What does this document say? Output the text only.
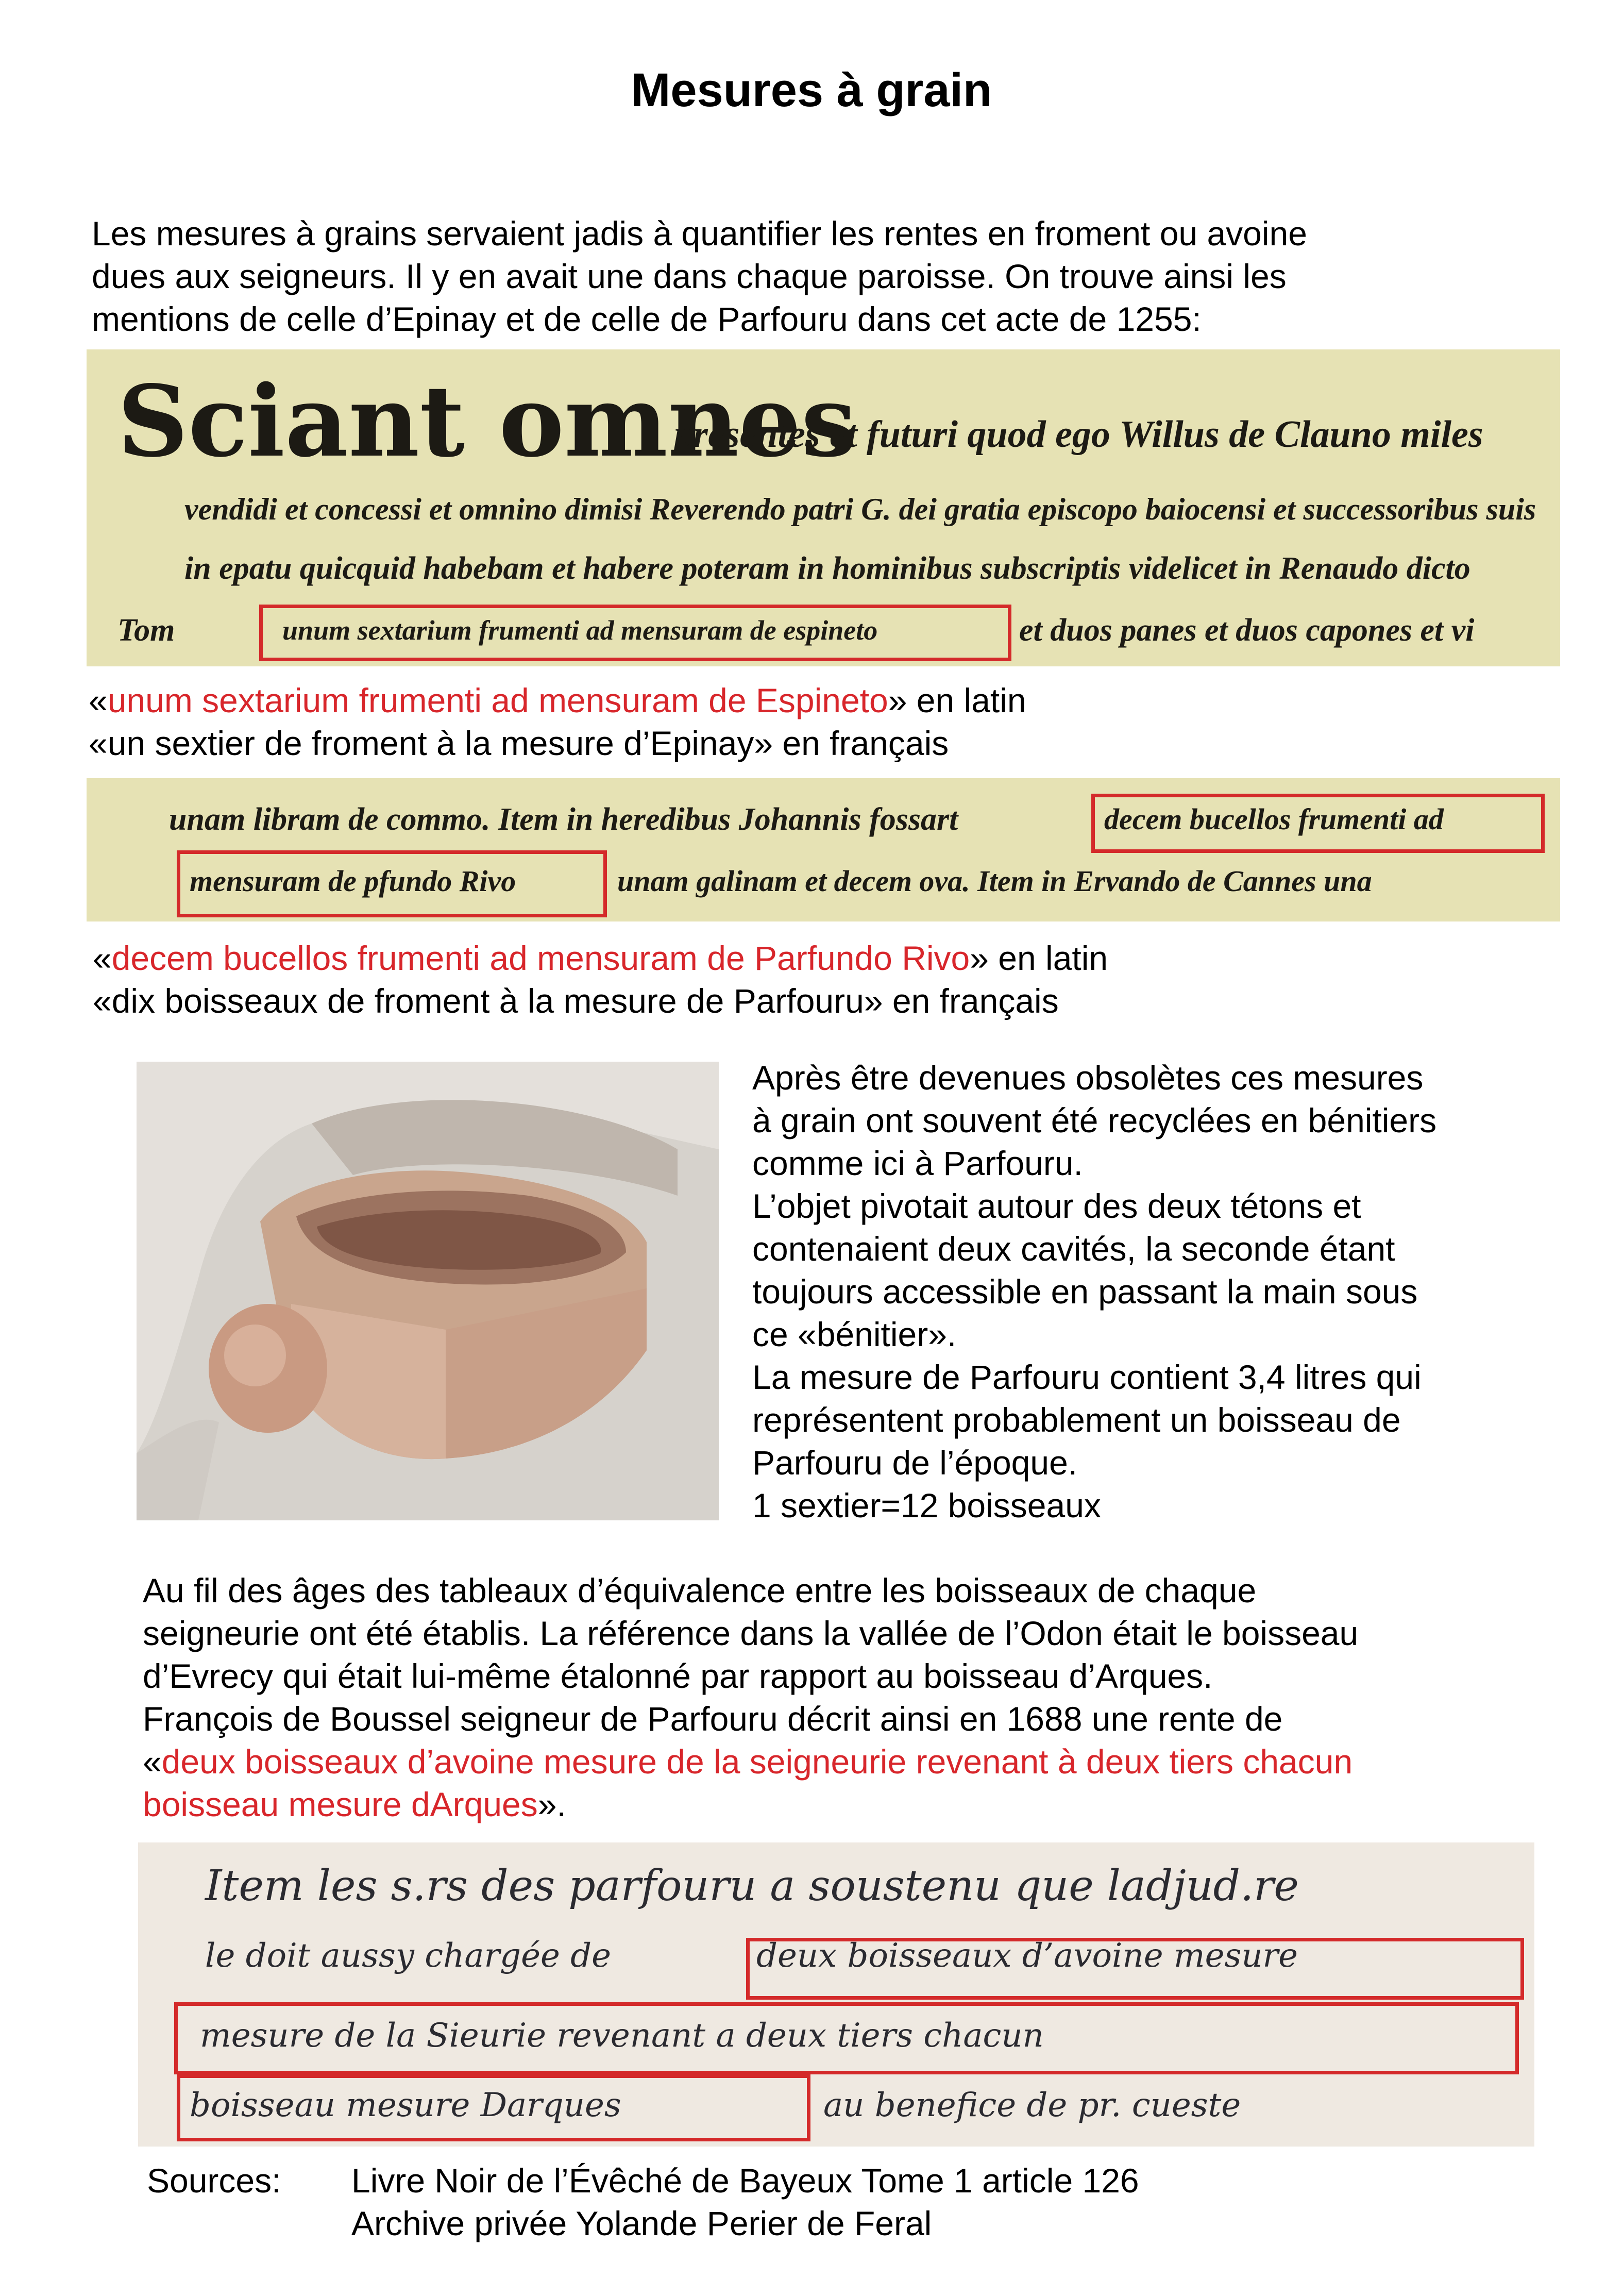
Mesures à grain
Les mesures à grains servaient jadis à quantifier les rentes en froment ou avoine
dues aux seigneurs. Il y en avait une dans chaque paroisse. On trouve ainsi les
mentions de celle d’Epinay et de celle de Parfouru dans cet acte de 1255:
Sciant omnes
presentes et futuri quod ego Willus de Clauno miles
vendidi et concessi et omnino dimisi Reverendo patri G. dei gratia episcopo baiocensi et successoribus suis
in epatu quicquid habebam et habere poteram in hominibus subscriptis videlicet in Renaudo dicto
Tom	unum sextarium frumenti ad mensuram de espineto	et duos panes et duos capones et vi
«unum sextarium frumenti ad mensuram de Espineto» en latin
«un sextier de froment à la mesure d’Epinay» en français
unam libram de commo. Item in heredibus Johannis fossart	decem bucellos frumenti ad
mensuram de pfundo Rivo	unam galinam et decem ova. Item in Ervando de Cannes una
«decem bucellos frumenti ad mensuram de Parfundo Rivo» en latin
«dix boisseaux de froment à la mesure de Parfouru» en français
Après être devenues obsolètes ces mesures
à grain ont souvent été recyclées en bénitiers
comme ici à Parfouru.
L’objet pivotait autour des deux tétons et
contenaient deux cavités, la seconde étant
toujours accessible en passant la main sous
ce «bénitier».
La mesure de Parfouru contient 3,4 litres qui
représentent probablement un boisseau de
Parfouru de l’époque.
1 sextier=12 boisseaux
Au fil des âges des tableaux d’équivalence entre les boisseaux de chaque
seigneurie ont été établis. La référence dans la vallée de l’Odon était le boisseau
d’Evrecy qui était lui-même étalonné par rapport au boisseau d’Arques.
François de Boussel seigneur de Parfouru décrit ainsi en 1688 une rente de
«deux boisseaux d’avoine mesure de la seigneurie revenant à deux tiers chacun
boisseau mesure dArques».
Item les s.rs des parfouru a soustenu que ladjud.re
le doit aussy chargée de	deux boisseaux d’avoine mesure
mesure de la Sieurie revenant a deux tiers chacun
boisseau mesure Darques	au benefice de pr. cueste
Sources: Livre Noir de l’Évêché de Bayeux Tome 1 article 126
Archive privée Yolande Perier de Feral
